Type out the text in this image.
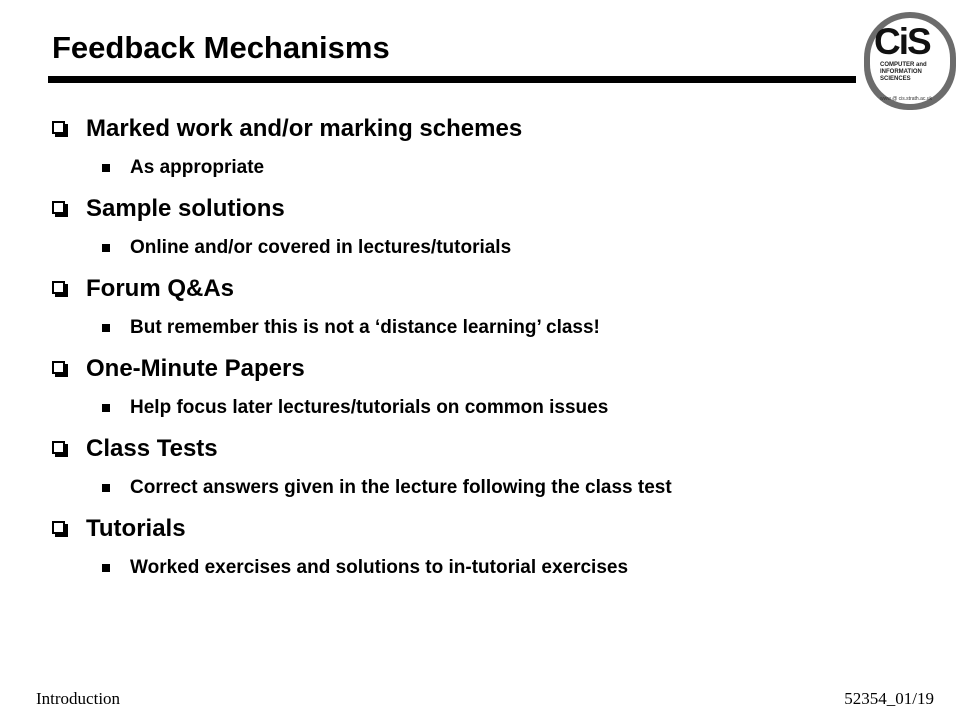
Feedback Mechanisms	CiS
COMPUTER and
INFORMATION
SCIENCES
www @ cis.strath.ac.uk
Marked work and/or marking schemes
As appropriate
Sample solutions
Online and/or covered in lectures/tutorials
Forum Q&As
But remember this is not a ‘distance learning’ class!
One-Minute Papers
Help focus later lectures/tutorials on common issues
Class Tests
Correct answers given in the lecture following the class test
Tutorials
Worked exercises and solutions to in-tutorial exercises
Introduction	52354_01/19
